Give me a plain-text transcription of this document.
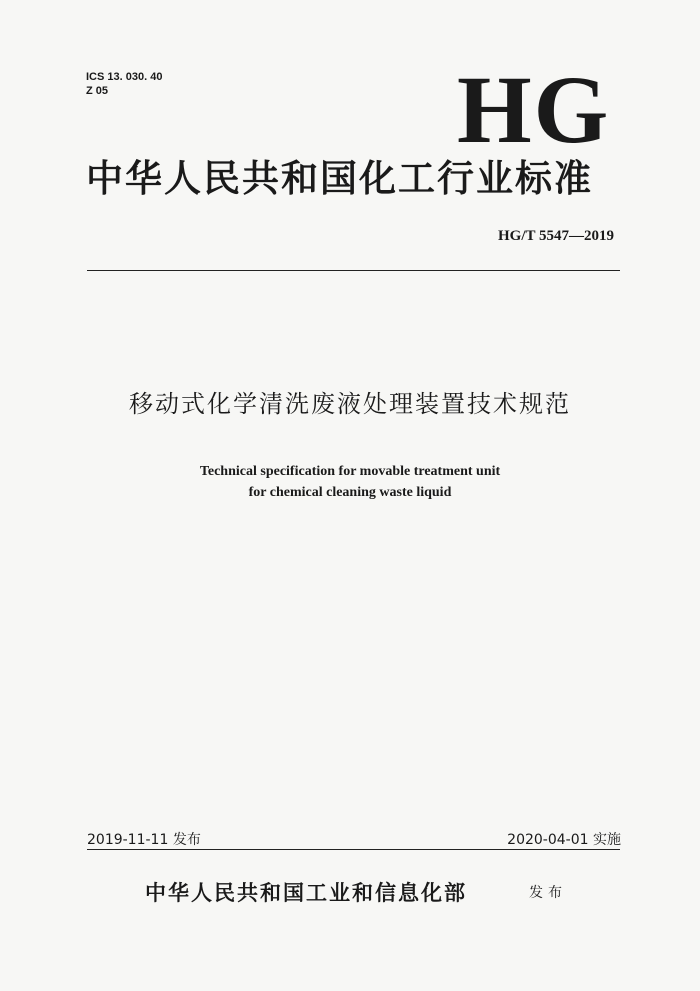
ICS 13. 030. 40
Z 05	HG
中华人民共和国化工行业标准
HG/T 5547—2019
移动式化学清洗废液处理装置技术规范
Technical specification for movable treatment unit
for chemical cleaning waste liquid
2019-11-11 发布	2020-04-01 实施
中华人民共和国工业和信息化部	发布
